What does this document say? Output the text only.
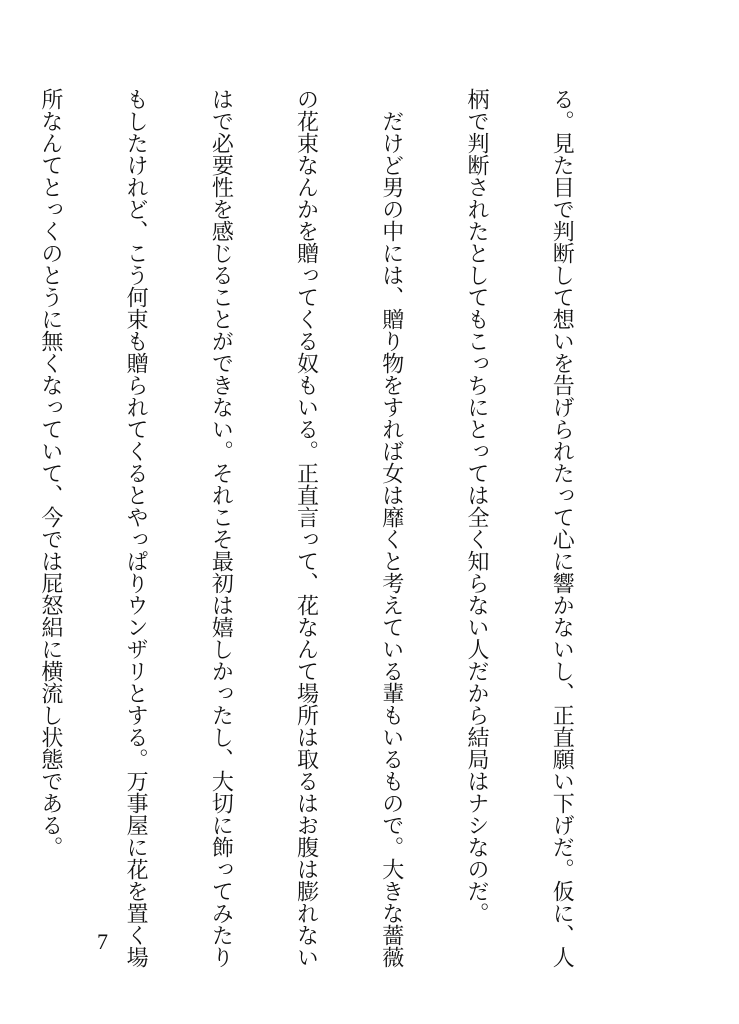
る。見た目で判断して想いを告げられたって心に響かないし、正直願い下げだ。仮に、人

柄で判断されたとしてもこっちにとっては全く知らない人だから結局はナシなのだ。

　だけど男の中には、贈り物をすれば女は靡くと考えている輩もいるもので。大きな薔薇

の花束なんかを贈ってくる奴もいる。正直言って、花なんて場所は取るはお腹は膨れない

はで必要性を感じることができない。それこそ最初は嬉しかったし、大切に飾ってみたり

もしたけれど、こう何束も贈られてくるとやっぱりウンザリとする。万事屋に花を置く場

所なんてとっくのとうに無くなっていて、今では屁怒絽に横流し状態である。

7
